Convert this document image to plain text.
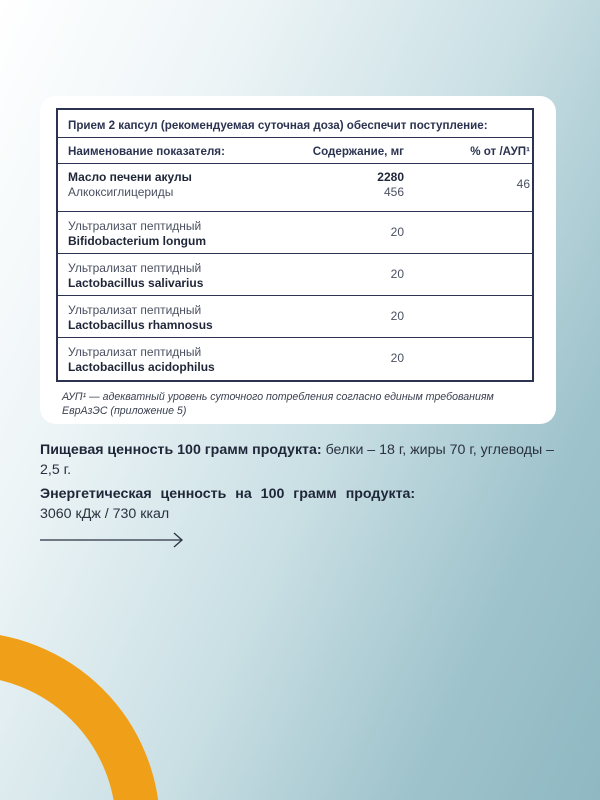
Прием 2 капсул (рекомендуемая суточная доза) обеспечит поступление:
Наименование показателя:	Содержание, мг	% от /АУП¹
Масло печени акулы
Алкоксиглицериды
2280
456
46
Ультрализат пептидный
Bifidobacterium longum
20
Ультрализат пептидный
Lactobacillus salivarius
20
Ультрализат пептидный
Lactobacillus rhamnosus
20
Ультрализат пептидный
Lactobacillus acidophilus
20
АУП¹ — адекватный уровень суточного потребления согласно единым требованиям ЕврАзЭС (приложение 5)
Пищевая ценность 100 грамм продукта: белки – 18 г, жиры 70 г, углеводы – 2,5 г.
Энергетическая ценность на 100 грамм продукта:
3060 кДж / 730 ккал
